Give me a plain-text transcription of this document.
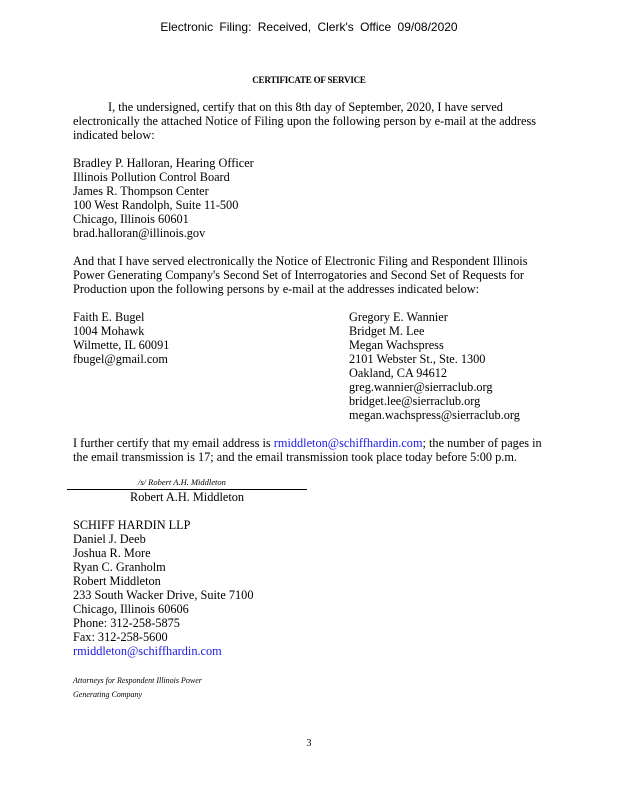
Electronic Filing: Received, Clerk's Office 09/08/2020
CERTIFICATE OF SERVICE
I, the undersigned, certify that on this 8th day of September, 2020, I have served
electronically the attached Notice of Filing upon the following person by e-mail at the address
indicated below:
Bradley P. Halloran, Hearing Officer
Illinois Pollution Control Board
James R. Thompson Center
100 West Randolph, Suite 11-500
Chicago, Illinois 60601
brad.halloran@illinois.gov
And that I have served electronically the Notice of Electronic Filing and Respondent Illinois
Power Generating Company's Second Set of Interrogatories and Second Set of Requests for
Production upon the following persons by e-mail at the addresses indicated below:
Faith E. Bugel
1004 Mohawk
Wilmette, IL 60091
fbugel@gmail.com
Gregory E. Wannier
Bridget M. Lee
Megan Wachspress
2101 Webster St., Ste. 1300
Oakland, CA 94612
greg.wannier@sierraclub.org
bridget.lee@sierraclub.org
megan.wachspress@sierraclub.org
I further certify that my email address is rmiddleton@schiffhardin.com; the number of pages in
the email transmission is 17; and the email transmission took place today before 5:00 p.m.
/s/ Robert A.H. Middleton
Robert A.H. Middleton
SCHIFF HARDIN LLP
Daniel J. Deeb
Joshua R. More
Ryan C. Granholm
Robert Middleton
233 South Wacker Drive, Suite 7100
Chicago, Illinois 60606
Phone: 312-258-5875
Fax: 312-258-5600
rmiddleton@schiffhardin.com
Attorneys for Respondent Illinois Power
Generating Company
3
